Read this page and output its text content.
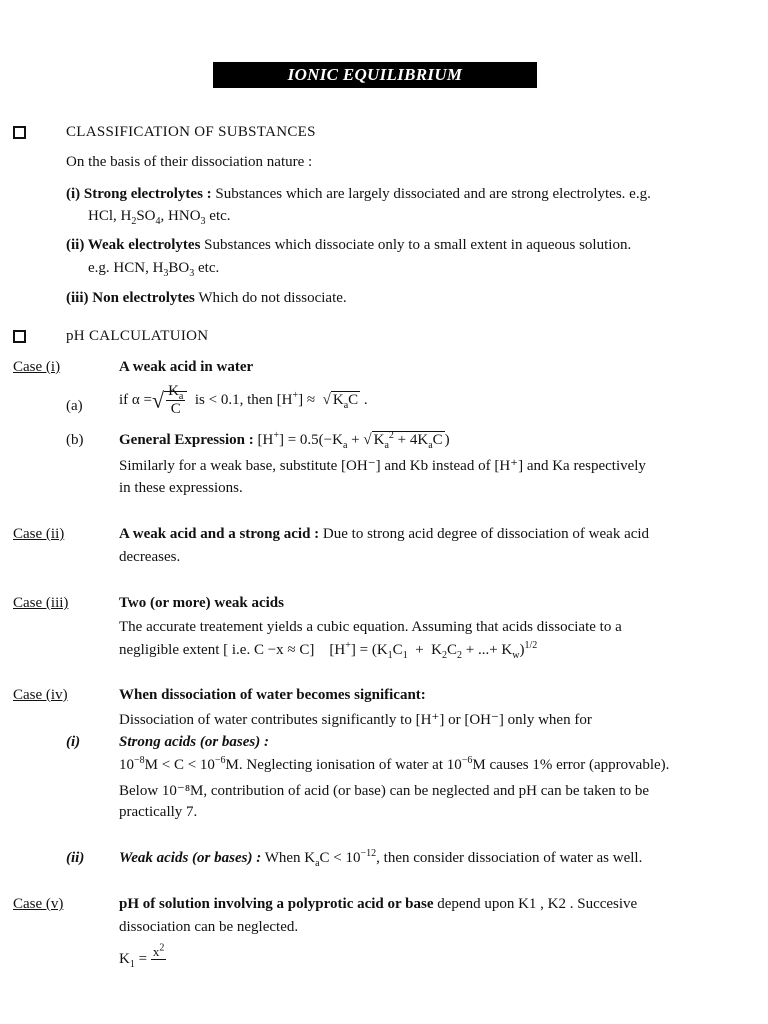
IONIC EQUILIBRIUM
CLASSIFICATION OF SUBSTANCES
On the basis of their dissociation nature :
(i) Strong electrolytes : Substances which are largely dissociated and are strong electrolytes. e.g.
HCl, $H_2SO_4$, $HNO_3$ etc.
(ii) Weak electrolytes Substances which dissociate only to a small extent in aqueous solution.
e.g. HCN, $H_3BO_3$ etc.
(iii) Non electrolytes Which do not dissociate.
pH CALCULATUION
Case (i)	A weak acid in water
(a) if α =√ $\frac{K_a}{C}$ is < 0.1, then [H+] ≈  √ $K_aC$ .
(b) General Expression : $[H^+] = 0.5(-K_a$ + √ $K_a^2 + 4K_aC$ )
Similarly for a weak base, substitute [OH⁻] and Kb instead of [H⁺] and Ka respectively
in these expressions.
Case (ii)	A weak acid and a strong acid : Due to strong acid degree of dissociation of weak acid
decreases.
Case (iii)	Two (or more) weak acids
The accurate treatement yields a cubic equation. Assuming that acids dissociate to a
negligible extent [ i.e. C −x ≈ C]    $[H^+] = (K_1C_1 + K_2C_2$ + ...+ $K_w)^{1/2}$
Case (iv)	When dissociation of water becomes significant:
Dissociation of water contributes significantly to [H⁺] or [OH⁻] only when for
(i)	Strong acids (or bases) :
$10^{-8}M < C < 10^{-6}M$. Neglecting ionisation of water at $10^{-6}M$ causes 1% error (approvable).
Below 10⁻⁸M, contribution of acid (or base) can be neglected and pH can be taken to be
practically 7.
(ii) Weak acids (or bases) : When $K_aC < 10^{-12}$, then consider dissociation of water as well.
Case (v)	pH of solution involving a polyprotic acid or base depend upon K1 , K2 . Succesive
dissociation can be neglected.
$K_1 = x^2$
